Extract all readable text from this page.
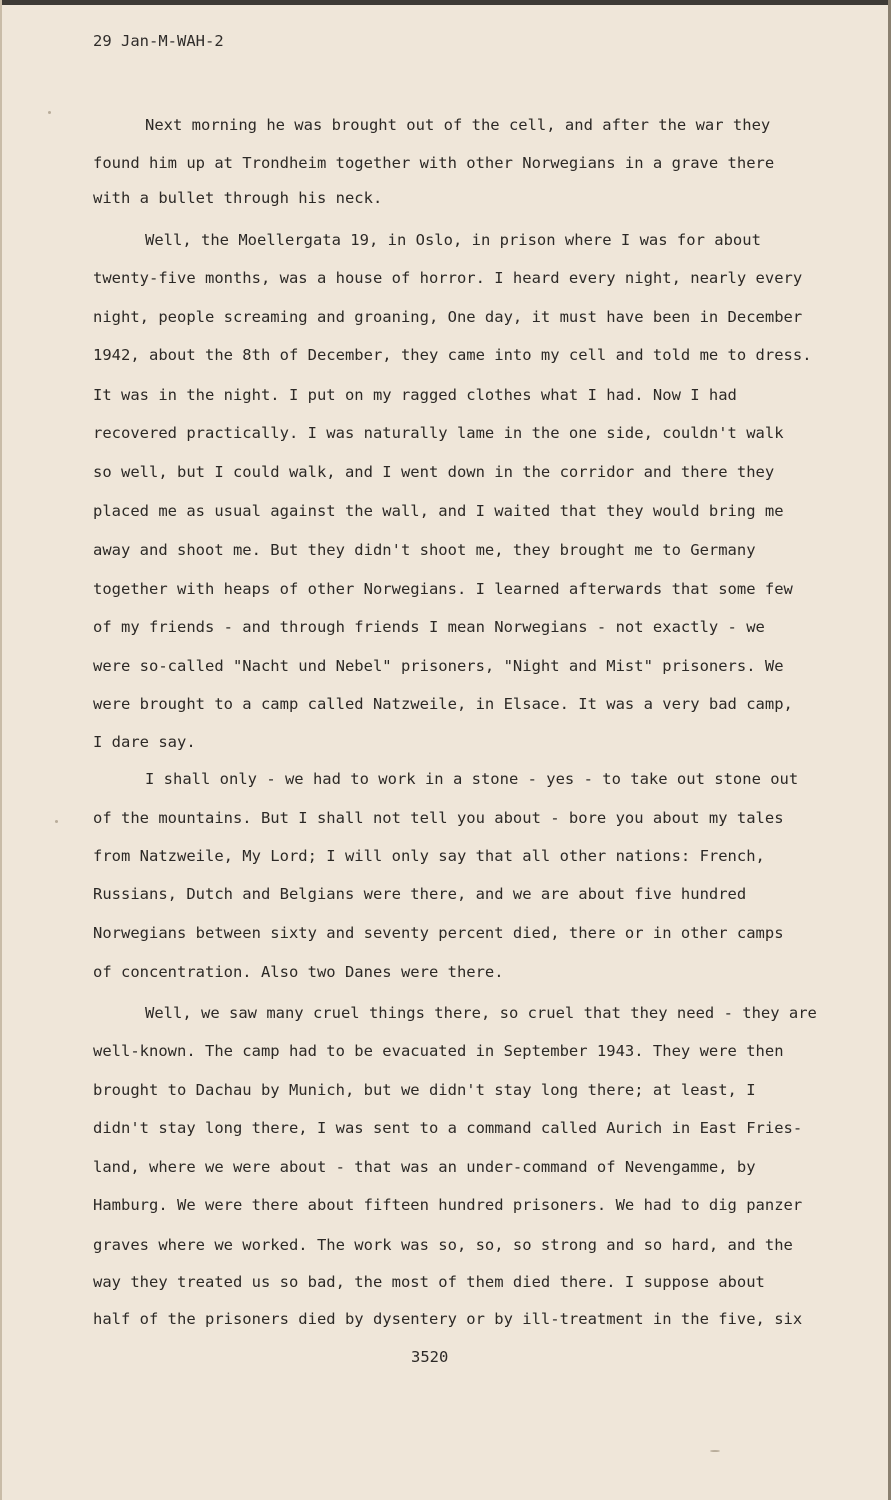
29 Jan-M-WAH-2
Next morning he was brought out of the cell, and after the war they
found him up at Trondheim together with other Norwegians in a grave there
with a bullet through his neck.
Well, the Moellergata 19, in Oslo, in prison where I was for about
twenty-five months, was a house of horror. I heard every night, nearly every
night, people screaming and groaning, One day, it must have been in December
1942, about the 8th of December, they came into my cell and told me to dress.
It was in the night. I put on my ragged clothes what I had. Now I had
recovered practically. I was naturally lame in the one side, couldn't walk
so well, but I could walk, and I went down in the corridor and there they
placed me as usual against the wall, and I waited that they would bring me
away and shoot me. But they didn't shoot me, they brought me to Germany
together with heaps of other Norwegians. I learned afterwards that some few
of my friends - and through friends I mean Norwegians - not exactly - we
were so-called "Nacht und Nebel" prisoners, "Night and Mist" prisoners. We
were brought to a camp called Natzweile, in Elsace. It was a very bad camp,
I dare say.
I shall only - we had to work in a stone - yes - to take out stone out
of the mountains. But I shall not tell you about - bore you about my tales
from Natzweile, My Lord; I will only say that all other nations: French,
Russians, Dutch and Belgians were there, and we are about five hundred
Norwegians between sixty and seventy percent died, there or in other camps
of concentration. Also two Danes were there.
Well, we saw many cruel things there, so cruel that they need - they are
well-known. The camp had to be evacuated in September 1943. They were then
brought to Dachau by Munich, but we didn't stay long there; at least, I
didn't stay long there, I was sent to a command called Aurich in East Fries-
land, where we were about - that was an under-command of Nevengamme, by
Hamburg. We were there about fifteen hundred prisoners. We had to dig panzer
graves where we worked. The work was so, so, so strong and so hard, and the
way they treated us so bad, the most of them died there. I suppose about
half of the prisoners died by dysentery or by ill-treatment in the five, six
3520
